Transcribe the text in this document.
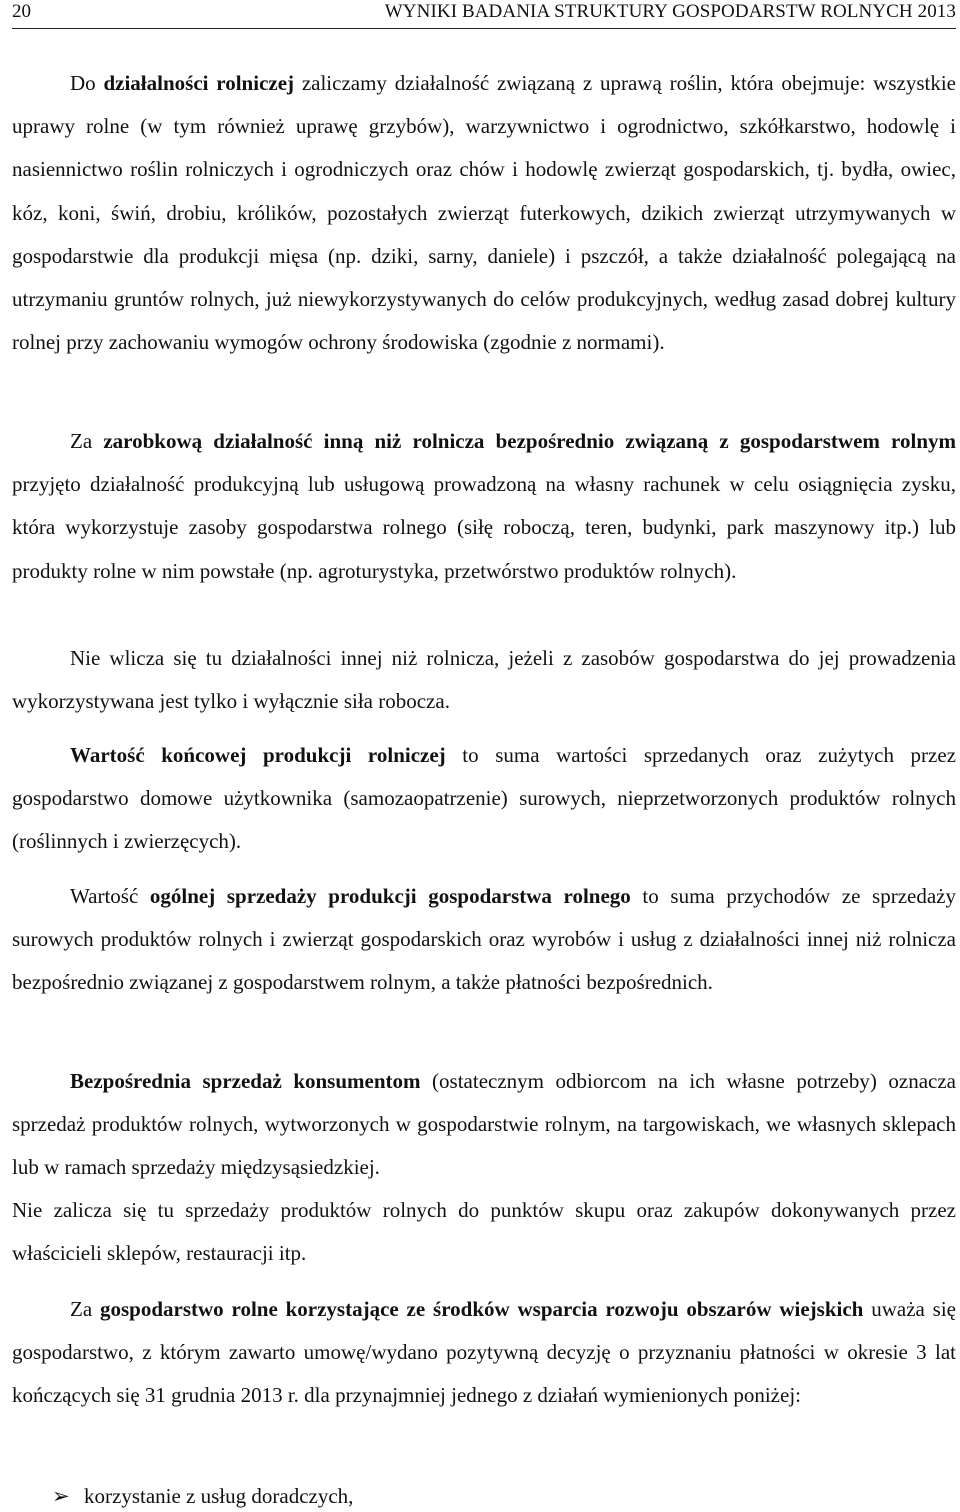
20	WYNIKI BADANIA STRUKTURY GOSPODARSTW ROLNYCH 2013

Do działalności rolniczej zaliczamy działalność związaną z uprawą roślin, która obejmuje: wszystkie uprawy rolne (w tym również uprawę grzybów), warzywnictwo i ogrodnictwo, szkółkarstwo, hodowlę i nasiennictwo roślin rolniczych i ogrodniczych oraz chów i hodowlę zwierząt gospodarskich, tj. bydła, owiec, kóz, koni, świń, drobiu, królików, pozostałych zwierząt futerkowych, dzikich zwierząt utrzymywanych w gospodarstwie dla produkcji mięsa (np. dziki, sarny, daniele) i pszczół, a także działalność polegającą na utrzymaniu gruntów rolnych, już niewykorzystywanych do celów produkcyjnych, według zasad dobrej kultury rolnej przy zachowaniu wymogów ochrony środowiska (zgodnie z normami).

Za zarobkową działalność inną niż rolnicza bezpośrednio związaną z gospodarstwem rolnym przyjęto działalność produkcyjną lub usługową prowadzoną na własny rachunek w celu osiągnięcia zysku, która wykorzystuje zasoby gospodarstwa rolnego (siłę roboczą, teren, budynki, park maszynowy itp.) lub produkty rolne w nim powstałe (np. agroturystyka, przetwórstwo produktów rolnych).

Nie wlicza się tu działalności innej niż rolnicza, jeżeli z zasobów gospodarstwa do jej prowadzenia wykorzystywana jest tylko i wyłącznie siła robocza.

Wartość końcowej produkcji rolniczej to suma wartości sprzedanych oraz zużytych przez gospodarstwo domowe użytkownika (samozaopatrzenie) surowych, nieprzetworzonych produktów rolnych (roślinnych i zwierzęcych).

Wartość ogólnej sprzedaży produkcji gospodarstwa rolnego to suma przychodów ze sprzedaży surowych produktów rolnych i zwierząt gospodarskich oraz wyrobów i usług z działalności innej niż rolnicza bezpośrednio związanej z gospodarstwem rolnym, a także płatności bezpośrednich.

Bezpośrednia sprzedaż konsumentom (ostatecznym odbiorcom na ich własne potrzeby) oznacza sprzedaż produktów rolnych, wytworzonych w gospodarstwie rolnym, na targowiskach, we własnych sklepach lub w ramach sprzedaży międzysąsiedzkiej.

Nie zalicza się tu sprzedaży produktów rolnych do punktów skupu oraz zakupów dokonywanych przez właścicieli sklepów, restauracji itp.

Za gospodarstwo rolne korzystające ze środków wsparcia rozwoju obszarów wiejskich uważa się gospodarstwo, z którym zawarto umowę/wydano pozytywną decyzję o przyznaniu płatności w okresie 3 lat kończących się 31 grudnia 2013 r. dla przynajmniej jednego z działań wymienionych poniżej:

➢ korzystanie z usług doradczych,
